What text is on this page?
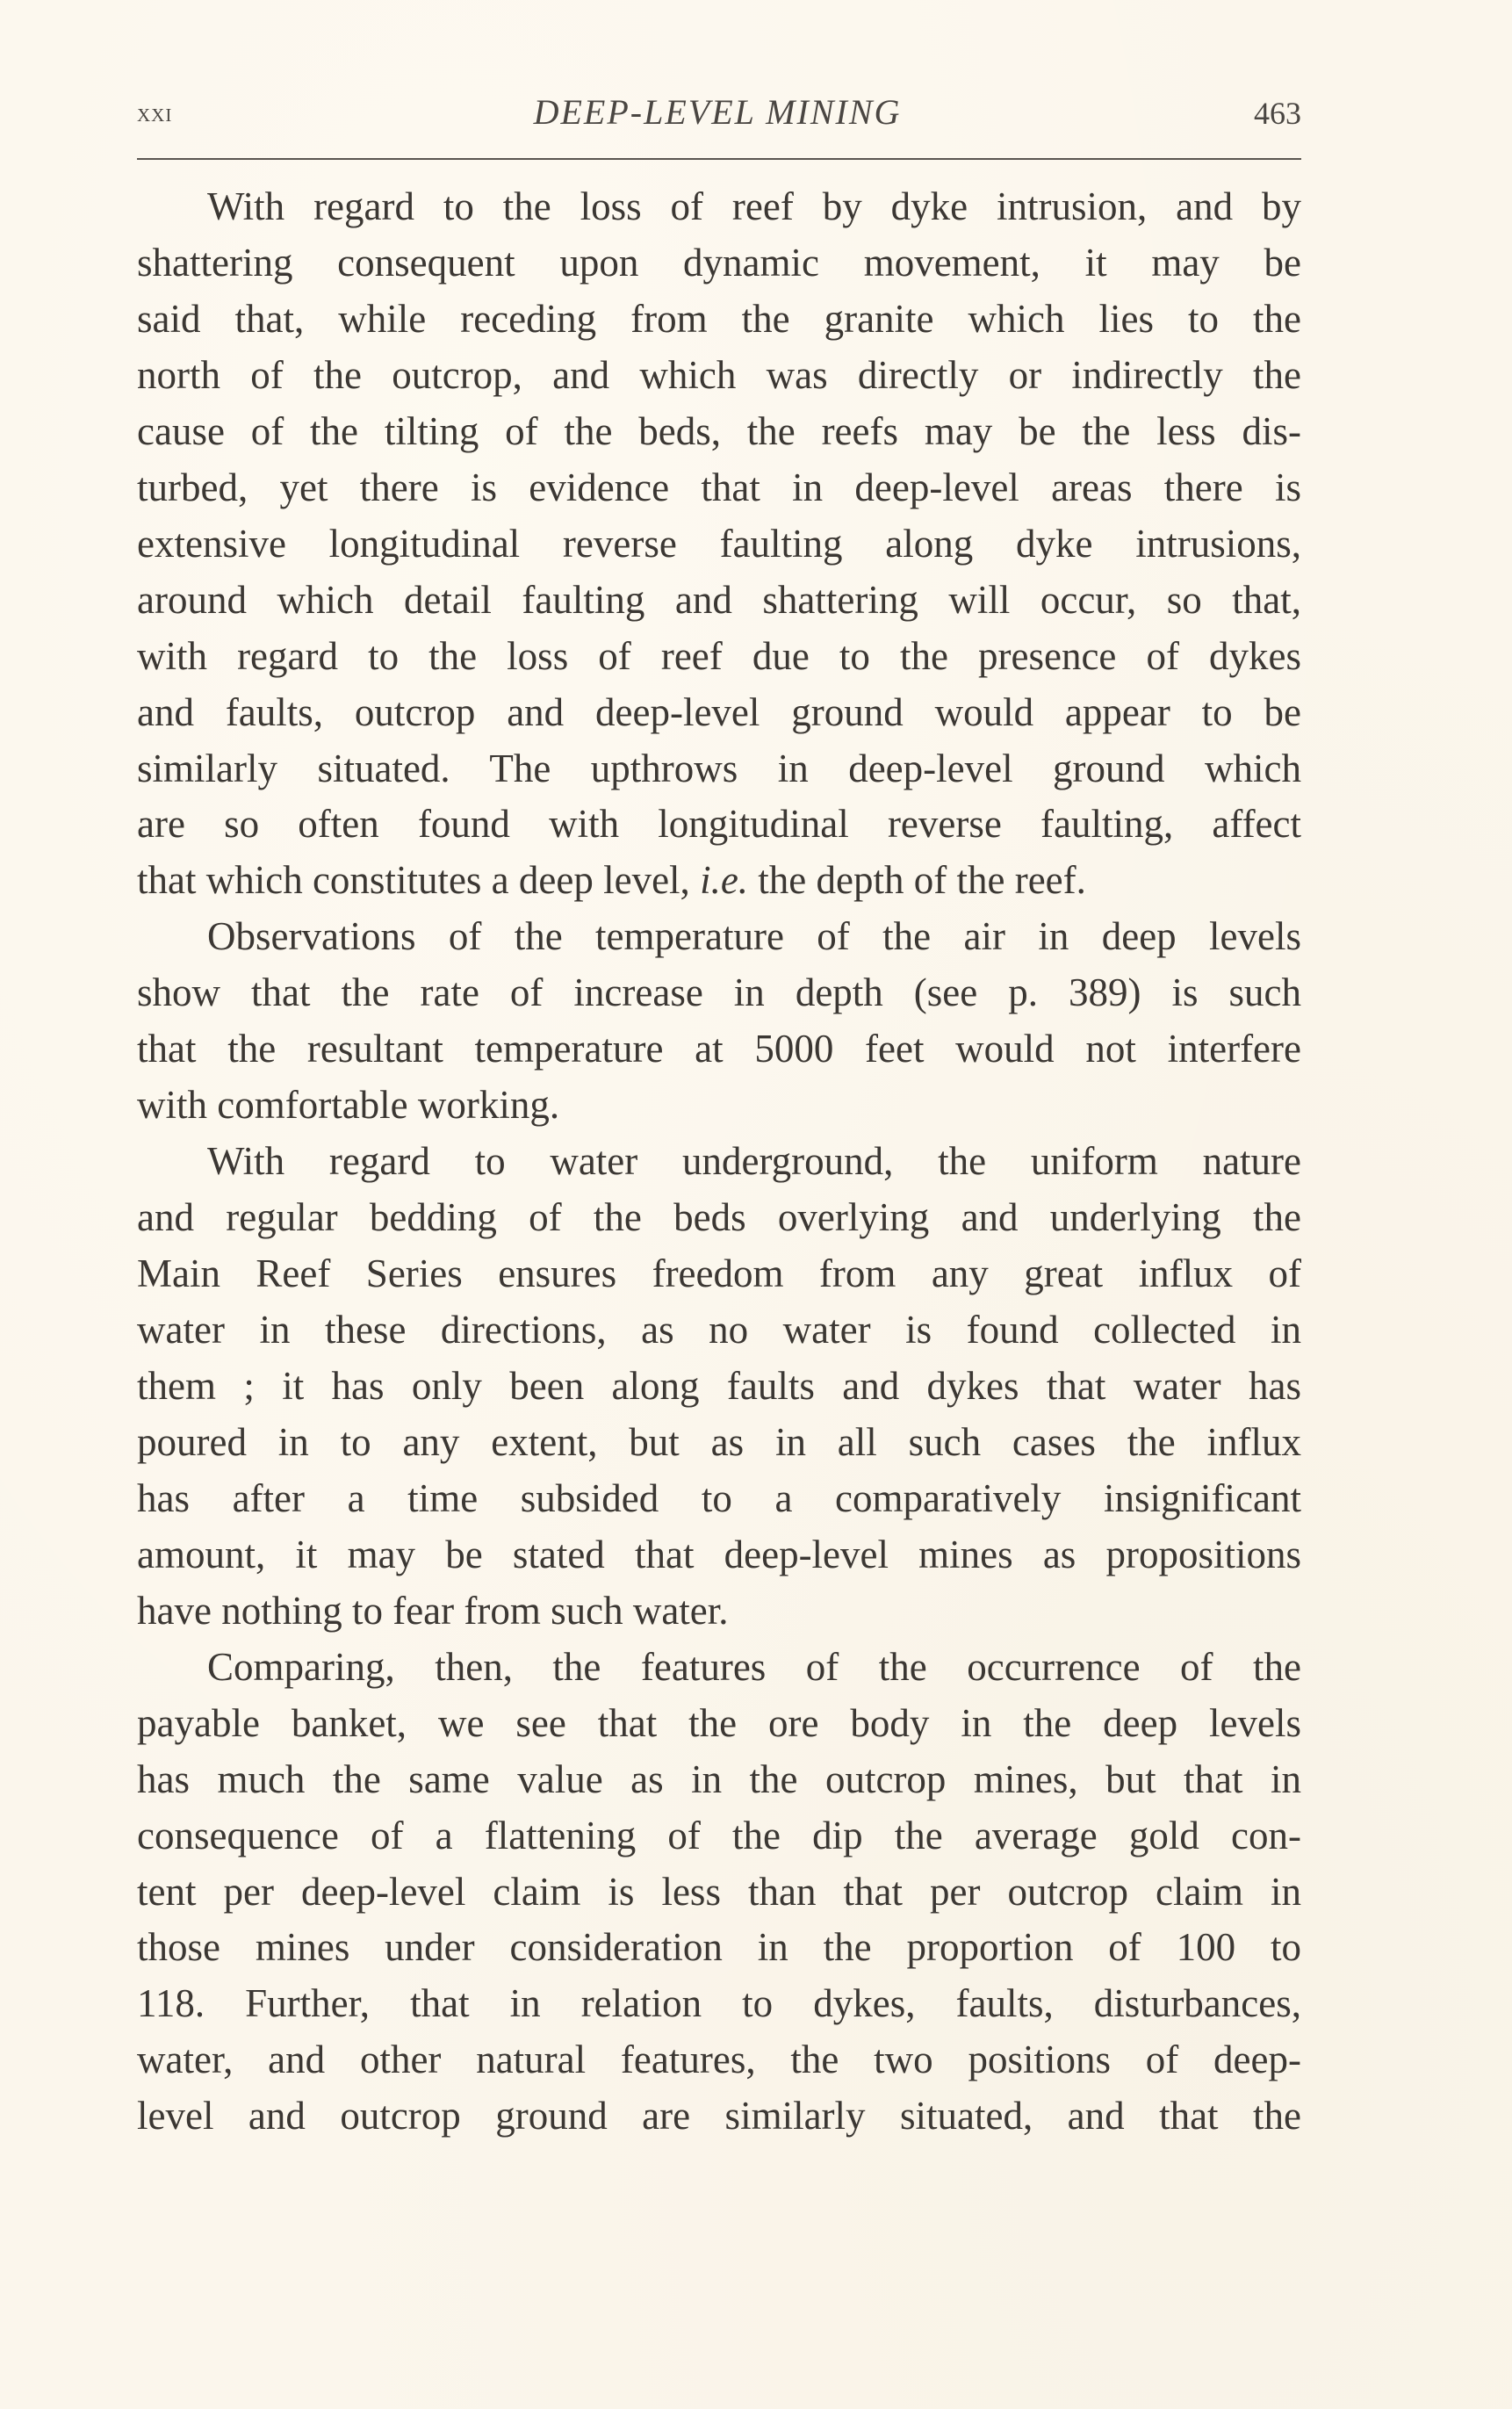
xxi	DEEP-LEVEL MINING	463
With regard to the loss of reef by dyke intrusion, and by
shattering consequent upon dynamic movement, it may be
said that, while receding from the granite which lies to the
north of the outcrop, and which was directly or indirectly the
cause of the tilting of the beds, the reefs may be the less dis-
turbed, yet there is evidence that in deep-level areas there is
extensive longitudinal reverse faulting along dyke intrusions,
around which detail faulting and shattering will occur, so that,
with regard to the loss of reef due to the presence of dykes
and faults, outcrop and deep-level ground would appear to be
similarly situated. The upthrows in deep-level ground which
are so often found with longitudinal reverse faulting, affect
that which constitutes a deep level, i.e. the depth of the reef.
Observations of the temperature of the air in deep levels
show that the rate of increase in depth (see p. 389) is such
that the resultant temperature at 5000 feet would not interfere
with comfortable working.
With regard to water underground, the uniform nature
and regular bedding of the beds overlying and underlying the
Main Reef Series ensures freedom from any great influx of
water in these directions, as no water is found collected in
them ; it has only been along faults and dykes that water has
poured in to any extent, but as in all such cases the influx
has after a time subsided to a comparatively insignificant
amount, it may be stated that deep-level mines as propositions
have nothing to fear from such water.
Comparing, then, the features of the occurrence of the
payable banket, we see that the ore body in the deep levels
has much the same value as in the outcrop mines, but that in
consequence of a flattening of the dip the average gold con-
tent per deep-level claim is less than that per outcrop claim in
those mines under consideration in the proportion of 100 to
118. Further, that in relation to dykes, faults, disturbances,
water, and other natural features, the two positions of deep-
level and outcrop ground are similarly situated, and that the
